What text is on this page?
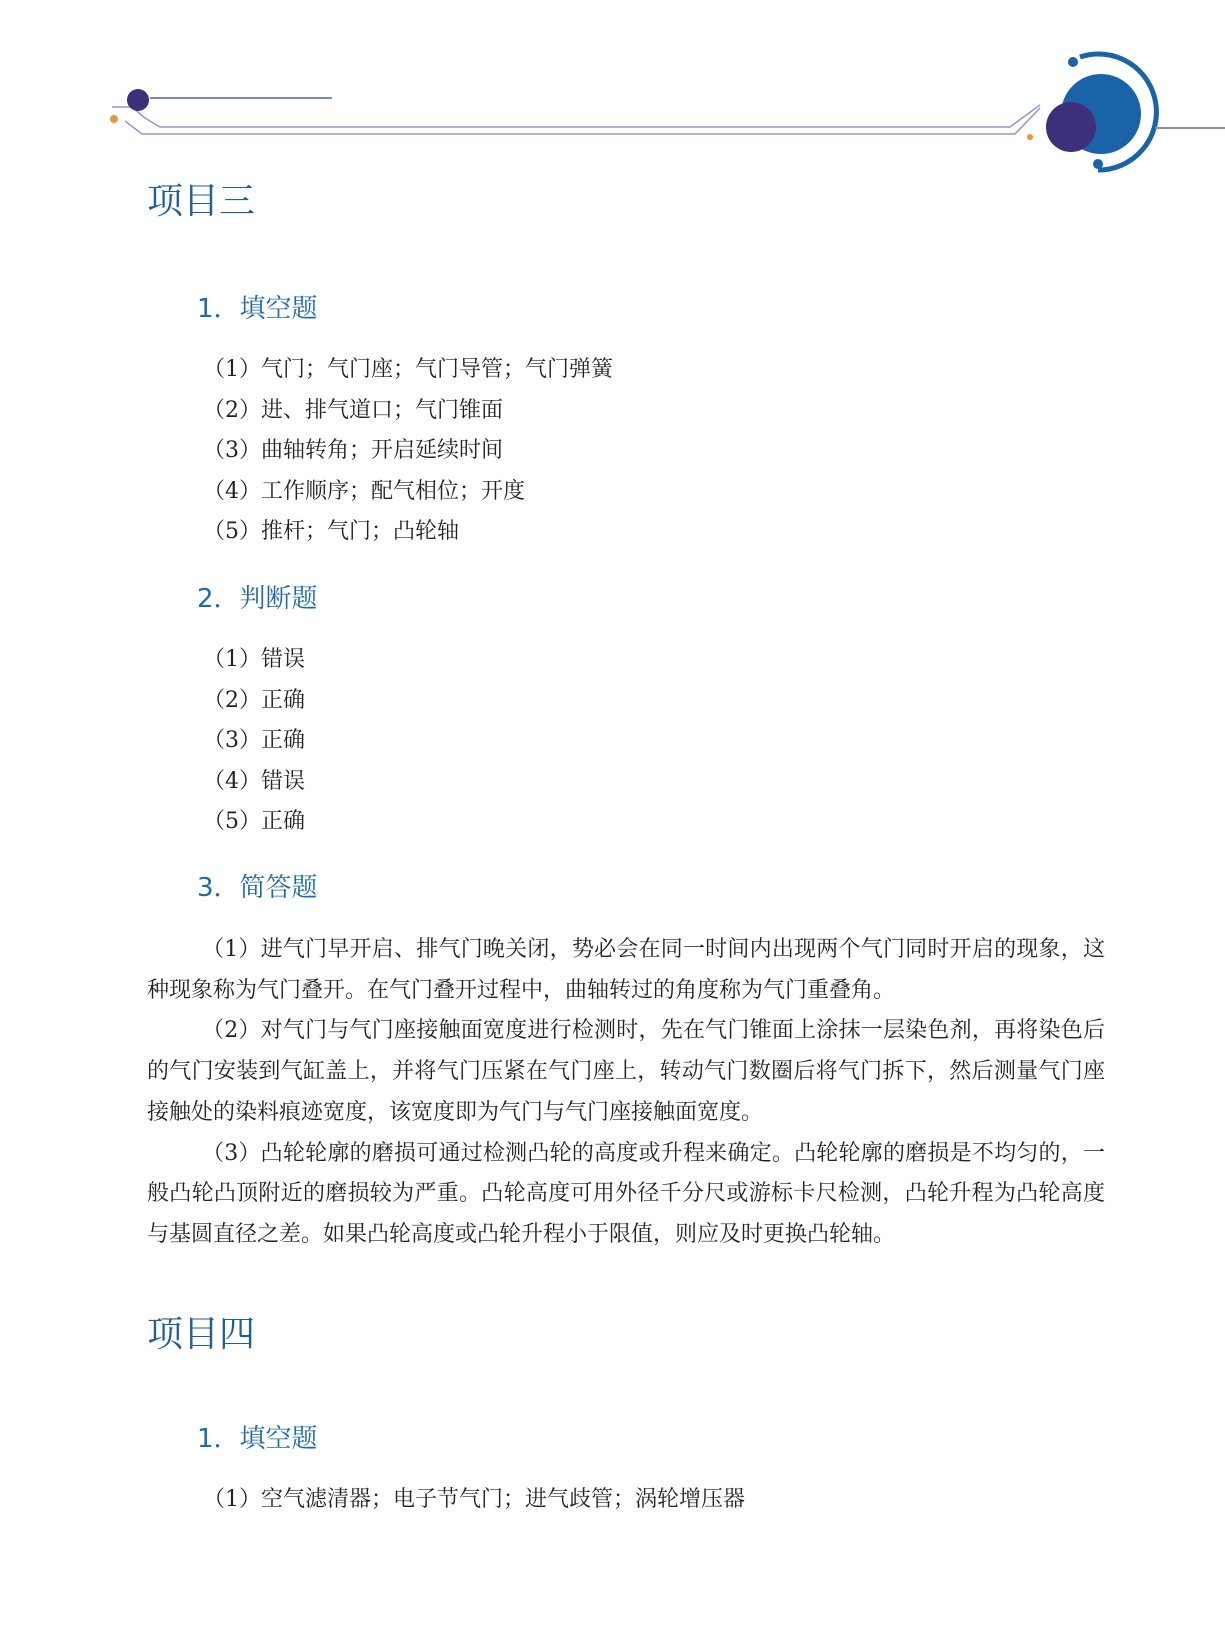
项目三
1．填空题
（1）气门；气门座；气门导管；气门弹簧
（2）进、排气道口；气门锥面
（3）曲轴转角；开启延续时间
（4）工作顺序；配气相位；开度
（5）推杆；气门；凸轮轴
2．判断题
（1）错误
（2）正确
（3）正确
（4）错误
（5）正确
3．简答题

（1）进气门早开启、排气门晚关闭，势必会在同一时间内出现两个气门同时开启的现象，这种现象称为气门叠开。在气门叠开过程中，曲轴转过的角度称为气门重叠角。

（2）对气门与气门座接触面宽度进行检测时，先在气门锥面上涂抹一层染色剂，再将染色后的气门安装到气缸盖上，并将气门压紧在气门座上，转动气门数圈后将气门拆下，然后测量气门座接触处的染料痕迹宽度，该宽度即为气门与气门座接触面宽度。

（3）凸轮轮廓的磨损可通过检测凸轮的高度或升程来确定。凸轮轮廓的磨损是不均匀的，一般凸轮凸顶附近的磨损较为严重。凸轮高度可用外径千分尺或游标卡尺检测，凸轮升程为凸轮高度与基圆直径之差。如果凸轮高度或凸轮升程小于限值，则应及时更换凸轮轴。

项目四
1．填空题
（1）空气滤清器；电子节气门；进气歧管；涡轮增压器
